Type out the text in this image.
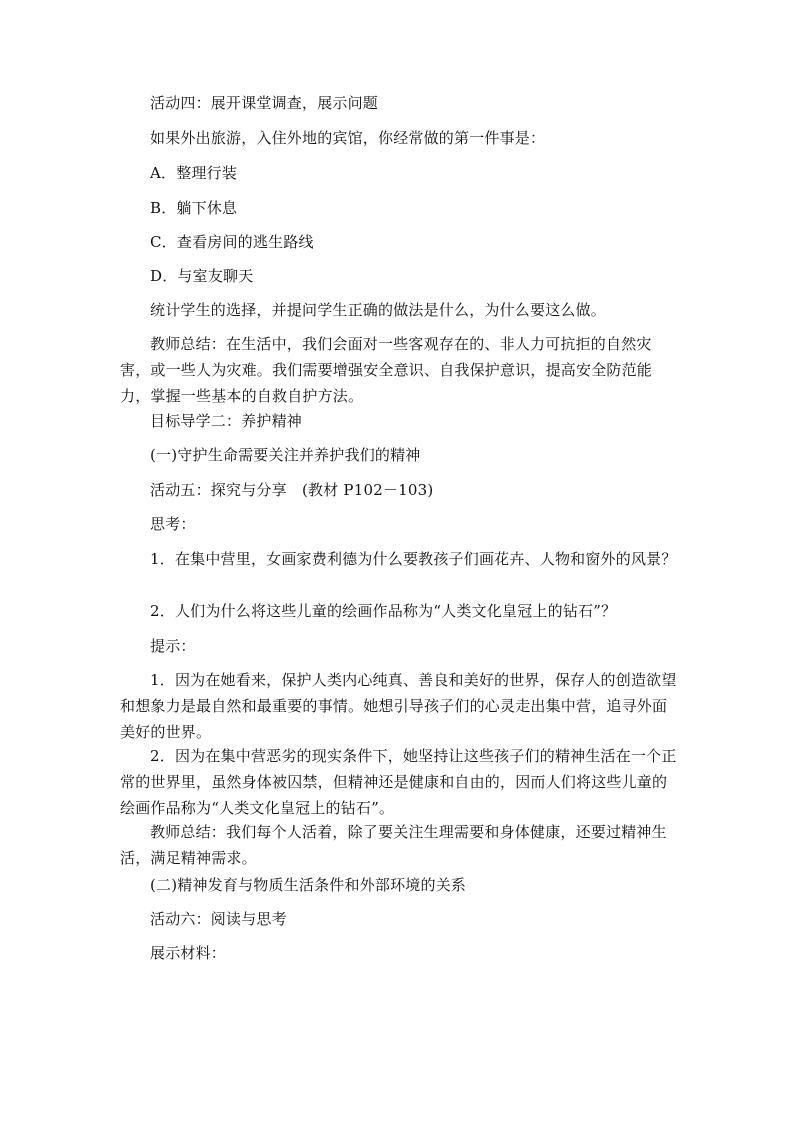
活动四：展开课堂调查，展示问题

如果外出旅游，入住外地的宾馆，你经常做的第一件事是：

A．整理行装

B．躺下休息

C．查看房间的逃生路线

D．与室友聊天

统计学生的选择，并提问学生正确的做法是什么，为什么要这么做。

教师总结：在生活中，我们会面对一些客观存在的、非人力可抗拒的自然灾害，或一些人为灾难。我们需要增强安全意识、自我保护意识，提高安全防范能力，掌握一些基本的自救自护方法。

目标导学二：养护精神

(一)守护生命需要关注并养护我们的精神

活动五：探究与分享　(教材 P102－103)

思考：

1．在集中营里，女画家费利德为什么要教孩子们画花卉、人物和窗外的风景？

2．人们为什么将这些儿童的绘画作品称为“人类文化皇冠上的钻石”？

提示：

1．因为在她看来，保护人类内心纯真、善良和美好的世界，保存人的创造欲望和想象力是最自然和最重要的事情。她想引导孩子们的心灵走出集中营，追寻外面美好的世界。

2．因为在集中营恶劣的现实条件下，她坚持让这些孩子们的精神生活在一个正常的世界里，虽然身体被囚禁，但精神还是健康和自由的，因而人们将这些儿童的绘画作品称为“人类文化皇冠上的钻石”。

教师总结：我们每个人活着，除了要关注生理需要和身体健康，还要过精神生活，满足精神需求。

(二)精神发育与物质生活条件和外部环境的关系

活动六：阅读与思考

展示材料：
